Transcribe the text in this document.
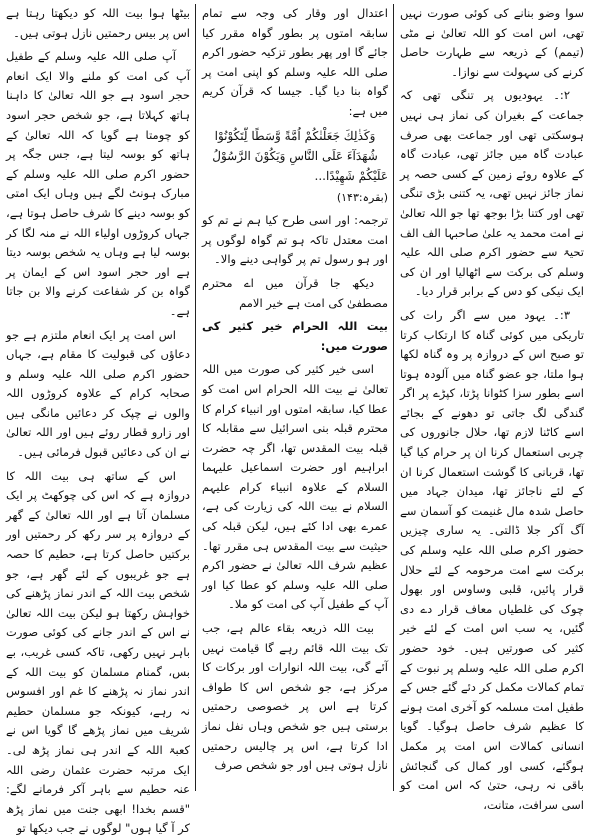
سوا وضو بنانے کی کوئی صورت نہیں تھی، اس امت کو اللہ تعالیٰ نے مٹی (تیمم) کے ذریعہ سے طہارت حاصل کرنے کی سہولت سے نوازا۔

۲:۔ یہودیوں پر تنگی تھی کہ جماعت کے بغیران کی نماز ہی نہیں ہوسکتی تھی اور جماعت بھی صرف عبادت گاہ میں جائز تھی، عبادت گاہ کے علاوہ روئے زمین کے کسی حصہ پر نماز جائز نہیں تھی، یہ کتنی بڑی تنگی تھی اور کتنا بڑا بوجھ تھا جو اللہ تعالیٰ نے امت محمد یہ علیٰ صاحبہا الف الف تحیۃ سے حضور اکرم صلی اللہ علیہ وسلم کی برکت سے اٹھالیا اور ان کی ایک نیکی کو دس کے برابر قرار دیا۔

۳:۔ یہود میں سے اگر رات کی تاریکی میں کوئی گناہ کا ارتکاب کرتا تو صبح اس کے دروازہ پر وہ گناہ لکھا ہوا ملتا، جو عضو گناہ میں آلودہ ہوتا اسے بطور سزا کٹوانا پڑتا، کپڑے پر اگر گندگی لگ جاتی تو دھونے کے بجائے اسے کاٹنا لازم تھا، حلال جانوروں کی چربی استعمال کرنا ان پر حرام کیا گیا تھا، قربانی کا گوشت استعمال کرنا ان کے لئے ناجائز تھا، میدان جہاد میں حاصل شدہ مال غنیمت کو آسمان سے آگ آکر جلا ڈالتی۔ یہ ساری چیزیں حضور اکرم صلی اللہ علیہ وسلم کی برکت سے امت مرحومہ کے لئے حلال قرار پائیں، قلبی وساوس اور بھول چوک کی غلطیاں معاف قرار دے دی گئیں، یہ سب اس امت کے لئے خیر کثیر کی صورتیں ہیں۔ خود حضور اکرم صلی اللہ علیہ وسلم پر نبوت کے تمام کمالات مکمل کر دئے گئے جس کے طفیل امت مسلمہ کو آخری امت ہونے کا عظیم شرف حاصل ہوگیا۔ گویا انسانی کمالات اس امت پر مکمل ہوگئے، کسی اور کمال کی گنجائش باقی نہ رہی، حتیٰ کہ اس امت کو اسی سرافت، متانت،

اعتدال اور وقار کی وجہ سے تمام سابقہ امتوں پر بطور گواہ مقرر کیا جائے گا اور پھر بطور تزکیہ حضور اکرم صلی اللہ علیہ وسلم کو اپنی امت پر گواہ بنا دیا گیا۔ جیسا کہ قرآن کریم میں ہے:

وَكَذٰلِكَ جَعَلْنٰكُمْ اُمَّةً وَّسَطًا لِّتَكُوْنُوْا شُهَدَآءَ عَلَى النَّاسِ وَيَكُوْنَ الرَّسُوْلُ عَلَيْكُمْ شَهِيْدًا...

(بقرہ:۱۴۳)

ترجمہ: اور اسی طرح کیا ہم نے تم کو امت معتدل تاکہ ہو تم گواہ لوگوں پر اور ہو رسول تم پر گواہی دینے والا۔

دیکھ جا قرآن میں اے محترم مصطفیٰ کی امت ہے خیر الامم

بیت اللہ الحرام خیر کثیر کی صورت میں:

اسی خیر کثیر کی صورت میں اللہ تعالیٰ نے بیت اللہ الحرام اس امت کو عطا کیا، سابقہ امتوں اور انبیاء کرام کا محترم قبلہ بنی اسرائیل سے مقابلہ کا قبلہ بیت المقدس تھا، اگر چہ حضرت ابراہیم اور حضرت اسماعیل علیہما السلام کے علاوہ انبیاء کرام علیہم السلام نے بیت اللہ کی زیارت کی ہے، عمرے بھی ادا کئے ہیں، لیکن قبلہ کی حیثیت سے بیت المقدس ہی مقرر تھا۔ عظیم شرف اللہ تعالیٰ نے حضور اکرم صلی اللہ علیہ وسلم کو عطا کیا اور آپ کے طفیل آپ کی امت کو ملا۔

بیت اللہ ذریعہ بقاء عالم ہے، جب تک بیت اللہ قائم رہے گا قیامت نہیں آئے گی، بیت اللہ انوارات اور برکات کا مرکز ہے، جو شخص اس کا طواف کرتا ہے اس پر خصوصی رحمتیں برستی ہیں جو شخص وہاں نفل نماز ادا کرتا ہے، اس پر چالیس رحمتیں نازل ہوتی ہیں اور جو شخص صرف

بیٹھا ہوا بیت اللہ کو دیکھتا رہتا ہے اس پر بیس رحمتیں نازل ہوتی ہیں۔

آپ صلی اللہ علیہ وسلم کے طفیل آپ کی امت کو ملنے والا ایک انعام حجر اسود ہے جو اللہ تعالیٰ کا داہنا ہاتھ کہلاتا ہے، جو شخص حجر اسود کو چومتا ہے گویا کہ اللہ تعالیٰ کے ہاتھ کو بوسہ لیتا ہے، جس جگہ پر حضور اکرم صلی اللہ علیہ وسلم کے مبارک ہونٹ لگے ہیں وہاں ایک امتی کو بوسہ دینے کا شرف حاصل ہوتا ہے، جہاں کروڑوں اولیاء اللہ نے منہ لگا کر بوسہ لیا ہے وہاں یہ شخص بوسہ دیتا ہے اور حجر اسود اس کے ایمان پر گواہ بن کر شفاعت کرنے والا بن جاتا ہے۔

اس امت پر ایک انعام ملتزم ہے جو دعاؤں کی قبولیت کا مقام ہے، جہاں حضور اکرم صلی اللہ علیہ وسلم و صحابہ کرام کے علاوہ کروڑوں اللہ والوں نے چپک کر دعائیں مانگی ہیں اور زارو قطار روئے ہیں اور اللہ تعالیٰ نے ان کی دعائیں قبول فرمائی ہیں۔

اس کے ساتھ ہی بیت اللہ کا دروازہ ہے کہ اس کی چوکھٹ پر ایک مسلمان آتا ہے اور اللہ تعالیٰ کے گھر کے دروازہ پر سر رکھ کر رحمتیں اور برکتیں حاصل کرتا ہے، حطیم کا حصہ ہے جو غریبوں کے لئے گھر ہے، جو شخص بیت اللہ کے اندر نماز پڑھنے کی خواہش رکھتا ہو لیکن بیت اللہ تعالیٰ نے اس کے اندر جانے کی کوئی صورت باہر نہیں رکھی، تاکہ کسی غریب، بے بس، گمنام مسلمان کو بیت اللہ کے اندر نماز نہ پڑھنے کا غم اور افسوس نہ رہے، کیونکہ جو مسلمان حطیم شریف میں نماز پڑھے گا گویا اس نے کعبۃ اللہ کے اندر ہی نماز پڑھ لی۔ ایک مرتبہ حضرت عثمان رضی اللہ عنہ حطیم سے باہر آکر فرمانے لگے: "قسم بخدا! ابھی جنت میں نماز پڑھ کر آ گیا ہوں" لوگوں نے جب دیکھا تو
